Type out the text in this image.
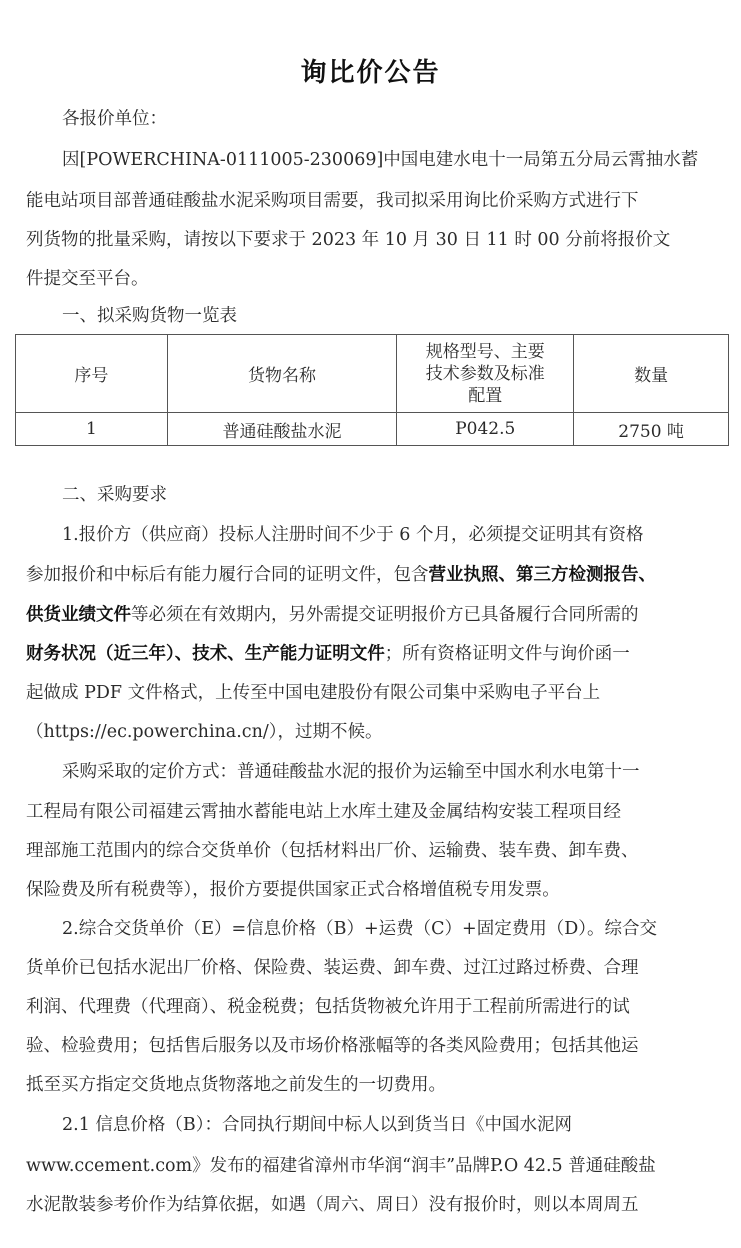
询比价公告
各报价单位：
因[POWERCHINA-0111005-230069]中国电建水电十一局第五分局云霄抽水蓄
能电站项目部普通硅酸盐水泥采购项目需要，我司拟采用询比价采购方式进行下
列货物的批量采购，请按以下要求于 2023 年 10 月 30 日 11 时 00 分前将报价文
件提交至平台。
一、拟采购货物一览表
序号	货物名称	规格型号、主要技术参数及标准配置	数量
1	普通硅酸盐水泥	P042.5	2750 吨
二、采购要求
1.报价方（供应商）投标人注册时间不少于 6 个月，必须提交证明其有资格
参加报价和中标后有能力履行合同的证明文件，包含营业执照、第三方检测报告、
供货业绩文件等必须在有效期内，另外需提交证明报价方已具备履行合同所需的
财务状况（近三年）、技术、生产能力证明文件；所有资格证明文件与询价函一
起做成 PDF 文件格式，上传至中国电建股份有限公司集中采购电子平台上
（https://ec.powerchina.cn/），过期不候。
采购采取的定价方式：普通硅酸盐水泥的报价为运输至中国水利水电第十一
工程局有限公司福建云霄抽水蓄能电站上水库土建及金属结构安装工程项目经
理部施工范围内的综合交货单价（包括材料出厂价、运输费、装车费、卸车费、
保险费及所有税费等），报价方要提供国家正式合格增值税专用发票。
2.综合交货单价（E）=信息价格（B）+运费（C）+固定费用（D）。综合交
货单价已包括水泥出厂价格、保险费、装运费、卸车费、过江过路过桥费、合理
利润、代理费（代理商）、税金税费；包括货物被允许用于工程前所需进行的试
验、检验费用；包括售后服务以及市场价格涨幅等的各类风险费用；包括其他运
抵至买方指定交货地点货物落地之前发生的一切费用。
2.1 信息价格（B）：合同执行期间中标人以到货当日《中国水泥网
www.ccement.com》发布的福建省漳州市华润“润丰”品牌P.O 42.5 普通硅酸盐
水泥散装参考价作为结算依据，如遇（周六、周日）没有报价时，则以本周周五
